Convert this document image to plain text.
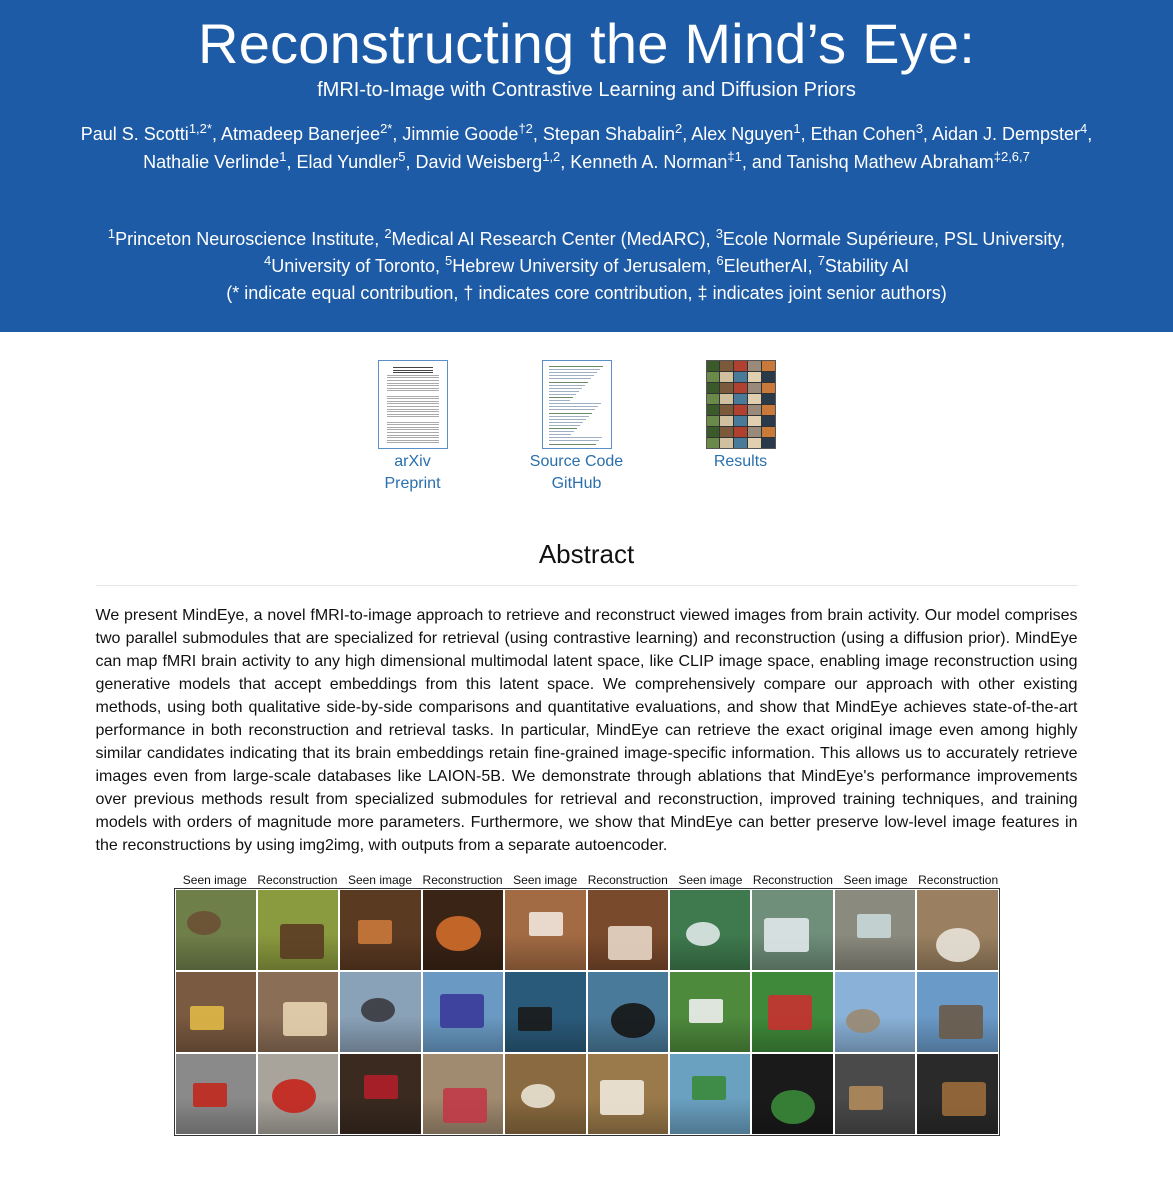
Reconstructing the Mind’s Eye:
fMRI-to-Image with Contrastive Learning and Diffusion Priors
Paul S. Scotti$^{1,2*}$, Atmadeep Banerjee$^{2*}$, Jimmie Goode$^{\dagger 2}$, Stepan Shabalin$^2$, Alex Nguyen$^1$, Ethan Cohen$^3$, Aidan J. Dempster$^4$, Nathalie Verlinde$^1$, Elad Yundler$^5$, David Weisberg$^{1,2}$, Kenneth A. Norman$^{\ddagger 1}$, and Tanishq Mathew Abraham$^{\ddagger 2,6,7}$
$^1$Princeton Neuroscience Institute, $^2$Medical AI Research Center (MedARC), $^3$Ecole Normale Supérieure, PSL University,
$^4$University of Toronto, $^5$Hebrew University of Jerusalem, $^6$EleutherAI, $^7$Stability AI
(* indicate equal contribution, † indicates core contribution, ‡ indicates joint senior authors)
arXiv
Preprint
Source Code
GitHub
Results
Abstract

We present MindEye, a novel fMRI-to-image approach to retrieve and reconstruct viewed images from brain activity. Our model comprises two parallel submodules that are specialized for retrieval (using contrastive learning) and reconstruction (using a diffusion prior). MindEye can map fMRI brain activity to any high dimensional multimodal latent space, like CLIP image space, enabling image reconstruction using generative models that accept embeddings from this latent space. We comprehensively compare our approach with other existing methods, using both qualitative side-by-side comparisons and quantitative evaluations, and show that MindEye achieves state-of-the-art performance in both reconstruction and retrieval tasks. In particular, MindEye can retrieve the exact original image even among highly similar candidates indicating that its brain embeddings retain fine-grained image-specific information. This allows us to accurately retrieve images even from large-scale databases like LAION-5B. We demonstrate through ablations that MindEye's performance improvements over previous methods result from specialized submodules for retrieval and reconstruction, improved training techniques, and training models with orders of magnitude more parameters. Furthermore, we show that MindEye can better preserve low-level image features in the reconstructions by using img2img, with outputs from a separate autoencoder.

Seen image Reconstruction Seen image Reconstruction Seen image Reconstruction Seen image Reconstruction Seen image Reconstruction
